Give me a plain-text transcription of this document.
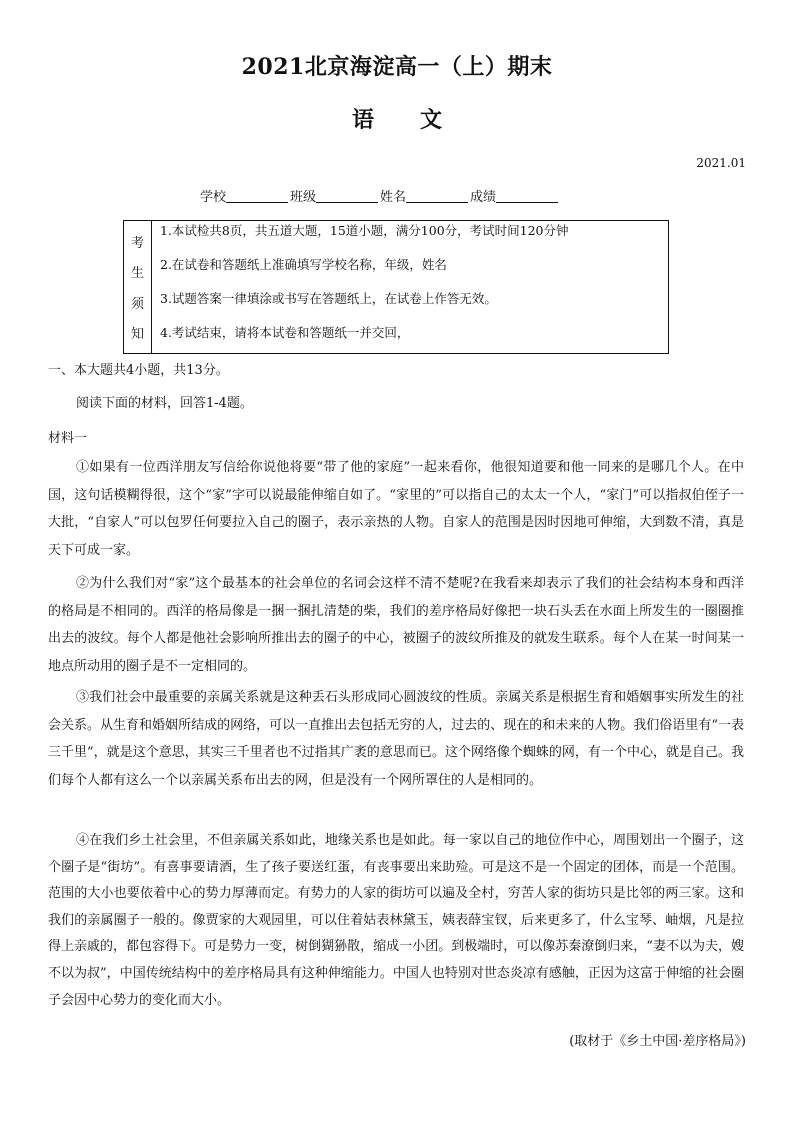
2021北京海淀高一（上）期末
语 文
2021.01
学校	班级	姓名	成绩
考
生
须
知
1.本试检共8页，共五道大题，15道小题，满分100分，考试时间120分钟
2.在试卷和答题纸上准确填写学校名称，年级，姓名
3.试题答案一律填涂或书写在答题纸上，在试卷上作答无效。
4.考试结束，请将本试卷和答题纸一并交回，
一、本大题共4小题，共13分。
阅读下面的材料，回答1-4题。
材料一
①如果有一位西洋朋友写信给你说他将要“带了他的家庭”一起来看你，他很知道要和他一同来的是哪几个人。在中国，这句话模糊得很，这个“家”字可以说最能伸缩自如了。“家里的”可以指自己的太太一个人，“家门”可以指叔伯侄子一大批，“自家人”可以包罗任何要拉入自己的圈子，表示亲热的人物。自家人的范围是因时因地可伸缩，大到数不清，真是天下可成一家。
②为什么我们对“家”这个最基本的社会单位的名词会这样不清不楚呢?在我看来却表示了我们的社会结构本身和西洋的格局是不相同的。西洋的格局像是一捆一捆扎清楚的柴，我们的差序格局好像把一块石头丢在水面上所发生的一圈圈推出去的波纹。每个人都是他社会影响所推出去的圈子的中心，被圈子的波纹所推及的就发生联系。每个人在某一时间某一地点所动用的圈子是不一定相同的。
③我们社会中最重要的亲属关系就是这种丢石头形成同心圆波纹的性质。亲属关系是根据生育和婚姻事实所发生的社会关系。从生育和婚姻所结成的网络，可以一直推出去包括无穷的人，过去的、现在的和未来的人物。我们俗语里有“一表三千里”，就是这个意思，其实三千里者也不过指其广袤的意思而已。这个网络像个蜘蛛的网，有一个中心，就是自己。我们每个人都有这么一个以亲属关系布出去的网，但是没有一个网所罩住的人是相同的。
④在我们乡土社会里，不但亲属关系如此，地缘关系也是如此。每一家以自己的地位作中心，周围划出一个圈子，这个圈子是“街坊”。有喜事要请酒，生了孩子要送红蛋，有丧事要出来助殓。可是这不是一个固定的团体，而是一个范围。范围的大小也要依着中心的势力厚薄而定。有势力的人家的街坊可以遍及全村，穷苦人家的街坊只是比邻的两三家。这和我们的亲属圈子一般的。像贾家的大观园里，可以住着姑表林黛玉，姨表薛宝钗，后来更多了，什么宝琴、岫烟，凡是拉得上亲戚的，都包容得下。可是势力一变，树倒猢狲散，缩成一小团。到极端时，可以像苏秦潦倒归来，“妻不以为夫，嫂不以为叔”，中国传统结构中的差序格局具有这种伸缩能力。中国人也特别对世态炎凉有感触，正因为这富于伸缩的社会圈子会因中心势力的变化而大小。
(取材于《乡土中国·差序格局》)
